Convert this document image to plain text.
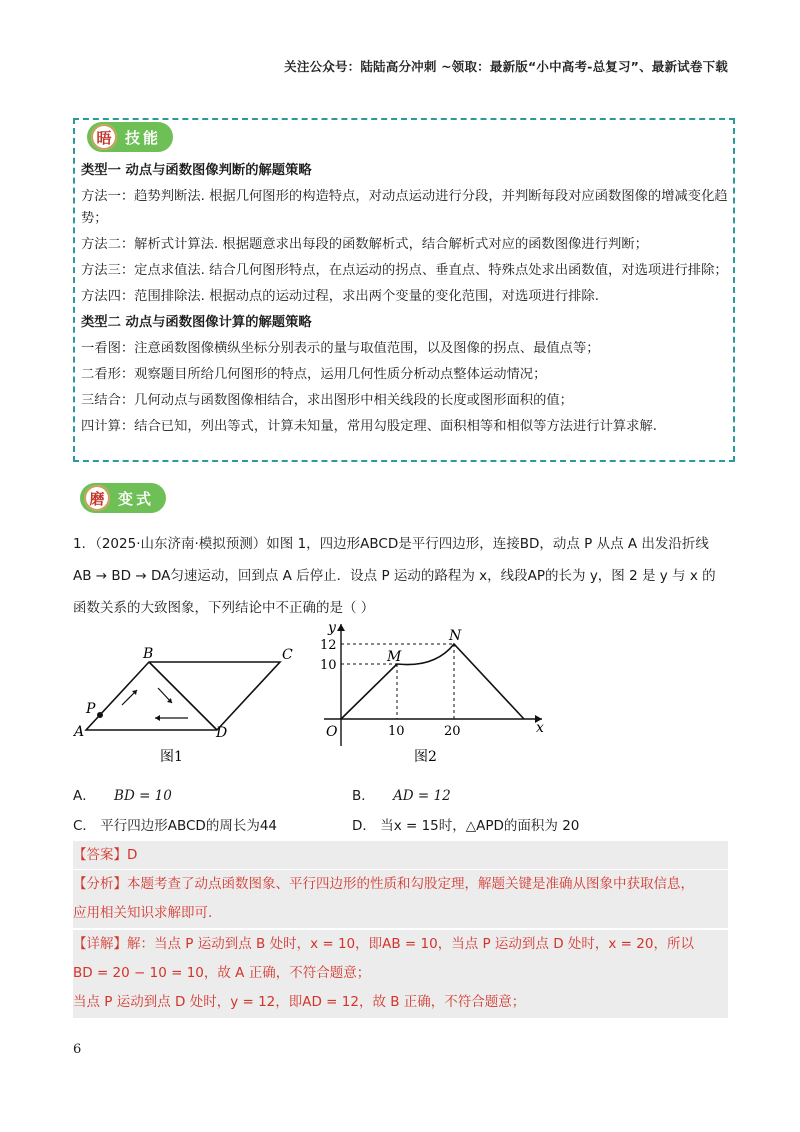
关注公众号：陆陆高分冲刺 ~领取：最新版“小中高考-总复习”、最新试卷下载
晤 技能
类型一 动点与函数图像判断的解题策略
方法一：趋势判断法. 根据几何图形的构造特点，对动点运动进行分段，并判断每段对应函数图像的增减变化趋势；
方法二：解析式计算法. 根据题意求出每段的函数解析式，结合解析式对应的函数图像进行判断；
方法三：定点求值法. 结合几何图形特点，在点运动的拐点、垂直点、特殊点处求出函数值，对选项进行排除；
方法四：范围排除法. 根据动点的运动过程，求出两个变量的变化范围，对选项进行排除.
类型二 动点与函数图像计算的解题策略
一看图：注意函数图像横纵坐标分别表示的量与取值范围，以及图像的拐点、最值点等；
二看形：观察题目所给几何图形的特点，运用几何性质分析动点整体运动情况；
三结合：几何动点与函数图像相结合，求出图形中相关线段的长度或图形面积的值；
四计算：结合已知，列出等式，计算未知量，常用勾股定理、面积相等和相似等方法进行计算求解.
磨 变式
1．（2025·山东济南·模拟预测）如图 1，四边形ABCD是平行四边形，连接BD，动点 P 从点 A 出发沿折线
AB → BD → DA匀速运动，回到点 A 后停止．设点 P 运动的路程为 x，线段AP的长为 y，图 2 是 y 与 x 的
函数关系的大致图象，下列结论中不正确的是（ ）
A
B	C
D
P
图1
y
x
O
12
10
10	20
M
N
图2
A． BD = 10	B． AD = 12
C． 平行四边形ABCD的周长为44	D． 当x = 15时，△APD的面积为 20
【答案】D
【分析】本题考查了动点函数图象、平行四边形的性质和勾股定理，解题关键是准确从图象中获取信息，
应用相关知识求解即可.
【详解】解：当点 P 运动到点 B 处时，x = 10，即AB = 10，当点 P 运动到点 D 处时，x = 20，所以
BD = 20 − 10 = 10，故 A 正确，不符合题意；
当点 P 运动到点 D 处时，y = 12，即AD = 12，故 B 正确，不符合题意；
6
